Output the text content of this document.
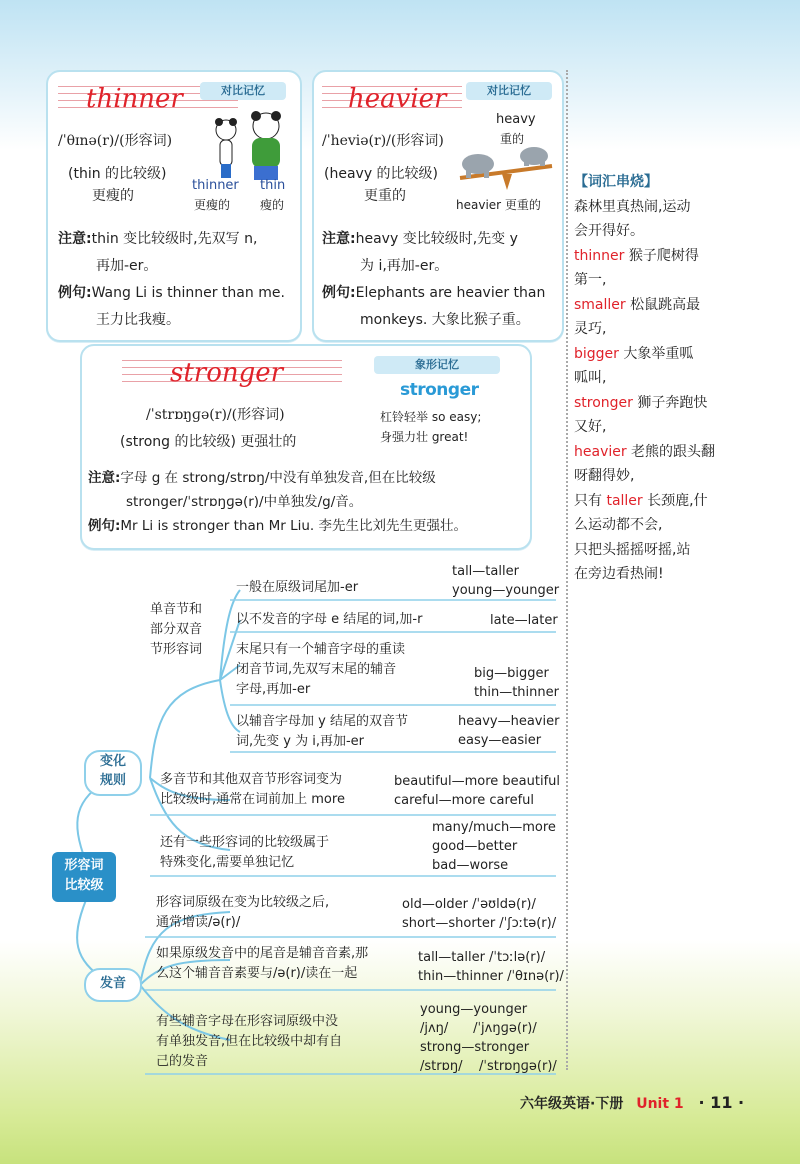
thinner	对比记忆
thinner
更瘦的
thin
瘦的
/ˈθɪnə(r)/(形容词)
(thin 的比较级)
更瘦的
注意:thin 变比较级时,先双写 n,
再加-er。
例句:Wang Li is thinner than me.
王力比我瘦。
heavier	对比记忆
heavy
重的
heavier 更重的
/ˈheviə(r)/(形容词)
(heavy 的比较级)
更重的
注意:heavy 变比较级时,先变 y
为 i,再加-er。
例句:Elephants are heavier than
monkeys. 大象比猴子重。
stronger	象形记忆
stronger
杠铃轻举 so easy;
身强力壮 great!
/ˈstrɒŋɡə(r)/(形容词)
(strong 的比较级) 更强壮的
注意:字母 g 在 strong/strɒŋ/中没有单独发音,但在比较级
stronger/ˈstrɒŋɡə(r)/中单独发/g/音。
例句:Mr Li is stronger than Mr Liu. 李先生比刘先生更强壮。
【词汇串烧】
森林里真热闹,运动
会开得好。
thinner 猴子爬树得
第一,
smaller 松鼠跳高最
灵巧,
bigger 大象举重呱
呱叫,
stronger 狮子奔跑快
又好,
heavier 老熊的跟头翻
呀翻得妙,
只有 taller 长颈鹿,什
么运动都不会,
只把头摇摇呀摇,站
在旁边看热闹!
形容词
比较级
变化
规则
发音
单音节和
部分双音
节形容词
一般在原级词尾加-er
tall—taller
young—younger
以不发音的字母 e 结尾的词,加-r	late—later
末尾只有一个辅音字母的重读
闭音节词,先双写末尾的辅音
字母,再加-er
big—bigger
thin—thinner
以辅音字母加 y 结尾的双音节
词,先变 y 为 i,再加-er
heavy—heavier
easy—easier
多音节和其他双音节形容词变为
比较级时,通常在词前加上 more
beautiful—more beautiful
careful—more careful
还有一些形容词的比较级属于
特殊变化,需要单独记忆
many/much—more
good—better
bad—worse
形容词原级在变为比较级之后,
通常增读/ə(r)/
old—older /ˈəʊldə(r)/
short—shorter /ˈʃɔːtə(r)/
如果原级发音中的尾音是辅音音素,那
么这个辅音音素要与/ə(r)/读在一起
tall—taller /ˈtɔːlə(r)/
thin—thinner /ˈθɪnə(r)/
有些辅音字母在形容词原级中没
有单独发音,但在比较级中却有自
己的发音
young—younger
/jʌŋ/      /ˈjʌŋɡə(r)/
strong—stronger
/strɒŋ/    /ˈstrɒŋɡə(r)/
六年级英语·下册 Unit 1 · 11 ·
